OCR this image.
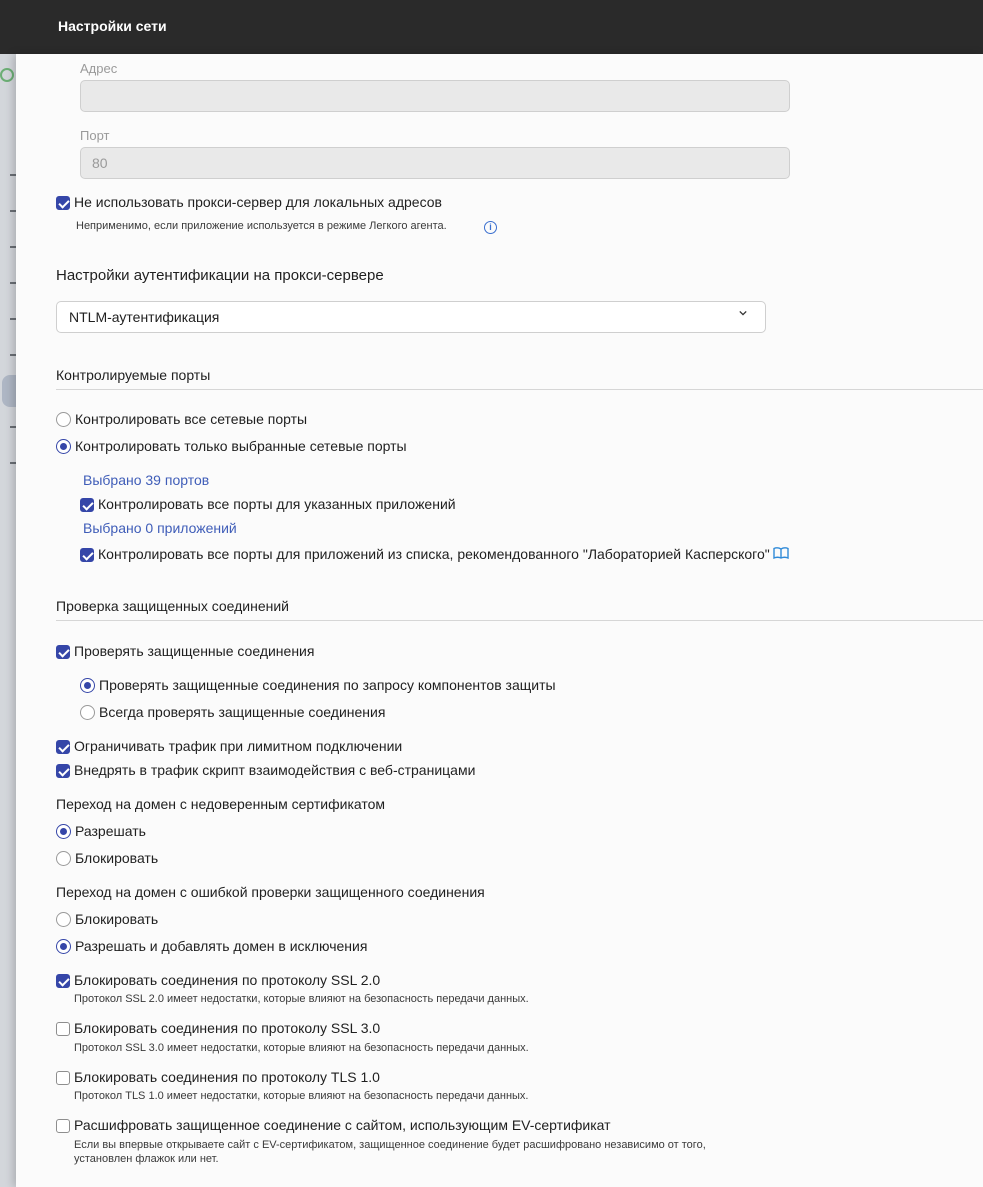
Настройки сети
Адрес
Порт
80
Не использовать прокси-сервер для локальных адресов
Неприменимо, если приложение используется в режиме Легкого агента.	i
Настройки аутентификации на прокси-сервере
NTLM-аутентификация
Контролируемые порты
Контролировать все сетевые порты
Контролировать только выбранные сетевые порты
Выбрано 39 портов
Контролировать все порты для указанных приложений
Выбрано 0 приложений
Контролировать все порты для приложений из списка, рекомендованного "Лабораторией Касперского"
Проверка защищенных соединений
Проверять защищенные соединения
Проверять защищенные соединения по запросу компонентов защиты
Всегда проверять защищенные соединения
Ограничивать трафик при лимитном подключении
Внедрять в трафик скрипт взаимодействия с веб-страницами
Переход на домен с недоверенным сертификатом
Разрешать
Блокировать
Переход на домен с ошибкой проверки защищенного соединения
Блокировать
Разрешать и добавлять домен в исключения
Блокировать соединения по протоколу SSL 2.0
Протокол SSL 2.0 имеет недостатки, которые влияют на безопасность передачи данных.
Блокировать соединения по протоколу SSL 3.0
Протокол SSL 3.0 имеет недостатки, которые влияют на безопасность передачи данных.
Блокировать соединения по протоколу TLS 1.0
Протокол TLS 1.0 имеет недостатки, которые влияют на безопасность передачи данных.
Расшифровать защищенное соединение с сайтом, использующим EV-сертификат
Если вы впервые открываете сайт с EV-сертификатом, защищенное соединение будет расшифровано независимо от того,
установлен флажок или нет.
